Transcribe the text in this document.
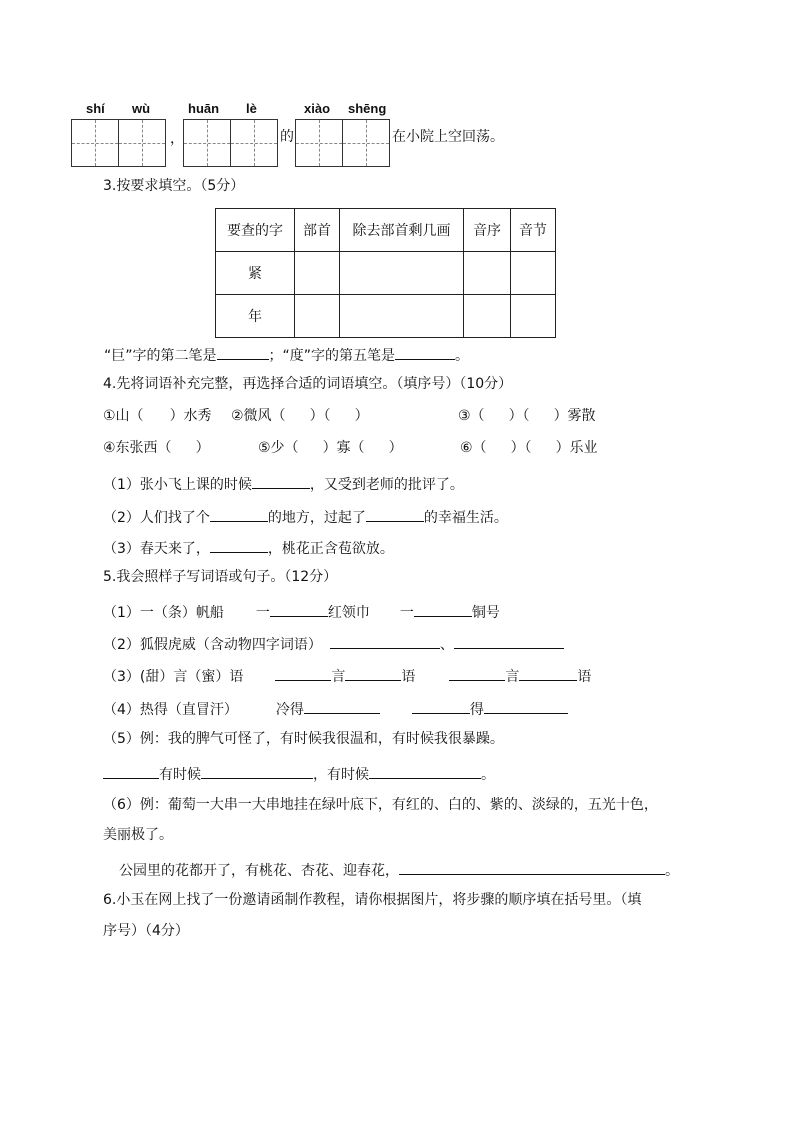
shí wù	huān lè	xiào shēng
，	的	在小院上空回荡。
3.按要求填空。（5分）
要查的字	部首	除去部首剩几画	音序	音节
紧				
年				
“巨”字的第二笔是	；“度”字的第五笔是	。
4.先将词语补充完整，再选择合适的词语填空。（填序号）（10分）
①山（ ）水秀 ②微风（ ）（ ）	③（ ）（ ）雾散
④东张西（ ）	⑤少（ ）寡（ ）	⑥（ ）（ ）乐业
（1）张小飞上课的时候	，又受到老师的批评了。
（2）人们找了个	的地方，过起了	的幸福生活。
（3）春天来了，	，桃花正含苞欲放。
5.我会照样子写词语或句子。（12分）
（1）一（条）帆船 一	红领巾 一	铜号
（2）狐假虎威（含动物四字词语）	、
（3）(甜）言（蜜）语	言	语	言	语
（4）热得（直冒汗）	冷得	得
（5）例：我的脾气可怪了，有时候我很温和，有时候我很暴躁。
有时候	，有时候	。
（6）例：葡萄一大串一大串地挂在绿叶底下，有红的、白的、紫的、淡绿的，五光十色，
美丽极了。
公园里的花都开了，有桃花、杏花、迎春花，	。
6.小玉在网上找了一份邀请函制作教程，请你根据图片，将步骤的顺序填在括号里。（填
序号）（4分）
